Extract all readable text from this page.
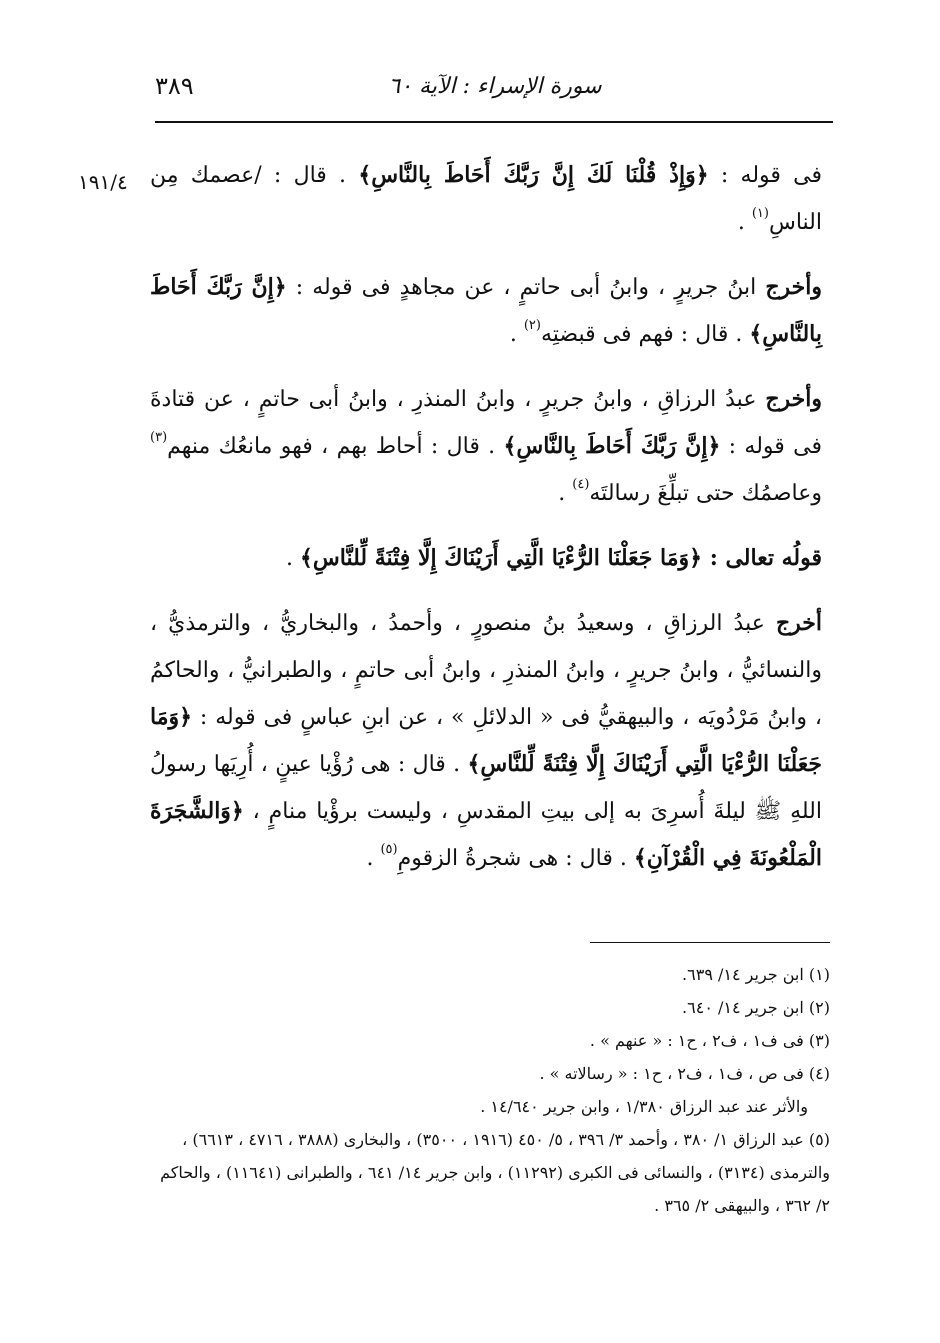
٣٨٩	سورة الإسراء : الآية ٦٠
١٩١/٤	فى قوله : ﴿وَإِذْ قُلْنَا لَكَ إِنَّ رَبَّكَ أَحَاطَ بِالنَّاسِ﴾ . قال : /عصمك مِن الناسِ$^{(١)}$ .

وأخرج ابنُ جريرٍ ، وابنُ أبى حاتمٍ ، عن مجاهدٍ فى قوله : ﴿إِنَّ رَبَّكَ أَحَاطَ بِالنَّاسِ﴾ . قال : فهم فى قبضتِه$^{(٢)}$ .

وأخرج عبدُ الرزاقِ ، وابنُ جريرٍ ، وابنُ المنذرِ ، وابنُ أبى حاتمٍ ، عن قتادةَ فى قوله : ﴿إِنَّ رَبَّكَ أَحَاطَ بِالنَّاسِ﴾ . قال : أحاط بهم ، فهو مانعُك منهم$^{(٣)}$ وعاصمُك حتى تبلِّغَ رسالتَه$^{(٤)}$ .

قولُه تعالى : ﴿وَمَا جَعَلْنَا الرُّءْيَا الَّتِي أَرَيْنَاكَ إِلَّا فِتْنَةً لِّلنَّاسِ﴾ .

أخرج عبدُ الرزاقِ ، وسعيدُ بنُ منصورٍ ، وأحمدُ ، والبخاريُّ ، والترمذيُّ ، والنسائيُّ ، وابنُ جريرٍ ، وابنُ المنذرِ ، وابنُ أبى حاتمٍ ، والطبرانيُّ ، والحاكمُ ، وابنُ مَرْدُويَه ، والبيهقيُّ فى « الدلائلِ » ، عن ابنِ عباسٍ فى قوله : ﴿وَمَا جَعَلْنَا الرُّءْيَا الَّتِي أَرَيْنَاكَ إِلَّا فِتْنَةً لِّلنَّاسِ﴾ . قال : هى رُؤْيا عينٍ ، أُرِيَها رسولُ اللهِ ﷺ ليلةَ أُسرِىَ به إلى بيتِ المقدسِ ، وليست برؤْيا منامٍ ، ﴿وَالشَّجَرَةَ الْمَلْعُونَةَ فِي الْقُرْآنِ﴾ . قال : هى شجرةُ الزقومِ$^{(٥)}$ .

(١) ابن جرير ١٤/ ٦٣٩.

(٢) ابن جرير ١٤/ ٦٤٠.

(٣) فى ف١ ، ف٢ ، ح١ : « عنهم » .

(٤) فى ص ، ف١ ، ف٢ ، ح١ : « رسالاته » .

والأثر عند عبد الرزاق ١/٣٨٠ ، وابن جرير ١٤/٦٤٠ .

(٥) عبد الرزاق ١/ ٣٨٠ ، وأحمد ٣/ ٣٩٦ ، ٥/ ٤٥٠ (١٩١٦ ، ٣٥٠٠) ، والبخارى (٣٨٨٨ ، ٤٧١٦ ، ٦٦١٣) ، والترمذى (٣١٣٤) ، والنسائى فى الكبرى (١١٢٩٢) ، وابن جرير ١٤/ ٦٤١ ، والطبرانى (١١٦٤١) ، والحاكم ٢/ ٣٦٢ ، والبيهقى ٢/ ٣٦٥ .
